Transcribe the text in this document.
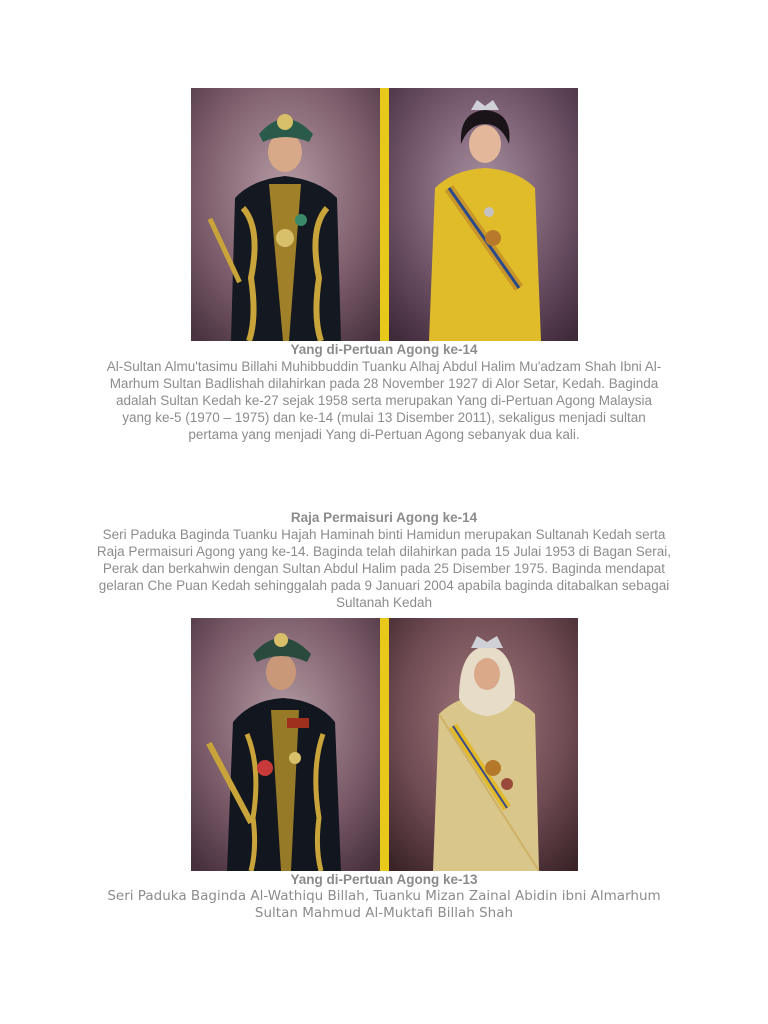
Yang di-Pertuan Agong ke-14
Al-Sultan Almu'tasimu Billahi Muhibbuddin Tuanku Alhaj Abdul Halim Mu'adzam Shah Ibni Al-Marhum Sultan Badlishah dilahirkan pada 28 November 1927 di Alor Setar, Kedah. Baginda adalah Sultan Kedah ke-27 sejak 1958 serta merupakan Yang di-Pertuan Agong Malaysia yang ke-5 (1970 – 1975) dan ke-14 (mulai 13 Disember 2011), sekaligus menjadi sultan pertama yang menjadi Yang di-Pertuan Agong sebanyak dua kali.
Raja Permaisuri Agong ke-14
Seri Paduka Baginda Tuanku Hajah Haminah binti Hamidun merupakan Sultanah Kedah serta Raja Permaisuri Agong yang ke-14. Baginda telah dilahirkan pada 15 Julai 1953 di Bagan Serai, Perak dan berkahwin dengan Sultan Abdul Halim pada 25 Disember 1975. Baginda mendapat gelaran Che Puan Kedah sehinggalah pada 9 Januari 2004 apabila baginda ditabalkan sebagai Sultanah Kedah
Yang di-Pertuan Agong ke-13
Seri Paduka Baginda Al-Wathiqu Billah, Tuanku Mizan Zainal Abidin ibni Almarhum Sultan Mahmud Al-Muktafi Billah Shah
